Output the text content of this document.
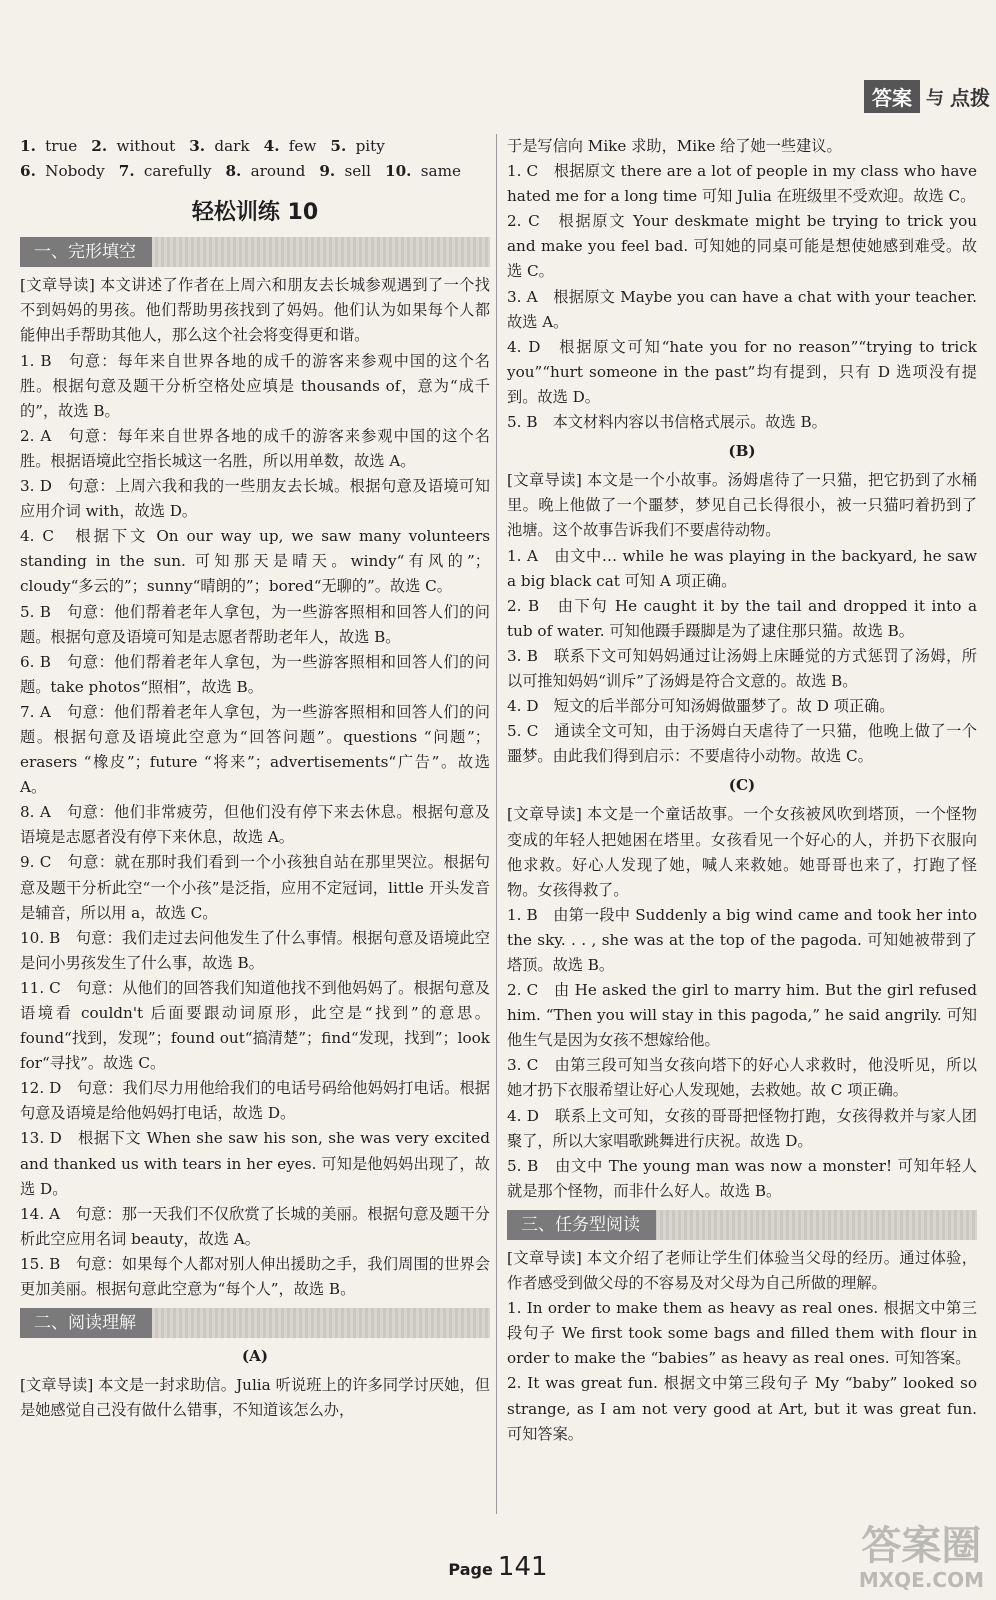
答案 与 点拨
1. true 2. without 3. dark 4. few 5. pity
6. Nobody 7. carefully 8. around 9. sell 10. same
轻松训练 10
一、完形填空

[文章导读] 本文讲述了作者在上周六和朋友去长城参观遇到了一个找不到妈妈的男孩。他们帮助男孩找到了妈妈。他们认为如果每个人都能伸出手帮助其他人，那么这个社会将变得更和谐。

1. B　句意：每年来自世界各地的成千的游客来参观中国的这个名胜。根据句意及题干分析空格处应填是 thousands of，意为“成千的”，故选 B。

2. A　句意：每年来自世界各地的成千的游客来参观中国的这个名胜。根据语境此空指长城这一名胜，所以用单数，故选 A。

3. D　句意：上周六我和我的一些朋友去长城。根据句意及语境可知应用介词 with，故选 D。

4. C　根据下文 On our way up, we saw many volunteers standing in the sun. 可知那天是晴天。windy“有风的”；cloudy“多云的”；sunny“晴朗的”；bored“无聊的”。故选 C。

5. B　句意：他们帮着老年人拿包，为一些游客照相和回答人们的问题。根据句意及语境可知是志愿者帮助老年人，故选 B。

6. B　句意：他们帮着老年人拿包，为一些游客照相和回答人们的问题。take photos“照相”，故选 B。

7. A　句意：他们帮着老年人拿包，为一些游客照相和回答人们的问题。根据句意及语境此空意为“回答问题”。questions “问题”；erasers “橡皮”；future “将来”；advertisements“广告”。故选 A。

8. A　句意：他们非常疲劳，但他们没有停下来去休息。根据句意及语境是志愿者没有停下来休息，故选 A。

9. C　句意：就在那时我们看到一个小孩独自站在那里哭泣。根据句意及题干分析此空“一个小孩”是泛指，应用不定冠词，little 开头发音是辅音，所以用 a，故选 C。

10. B　句意：我们走过去问他发生了什么事情。根据句意及语境此空是问小男孩发生了什么事，故选 B。

11. C　句意：从他们的回答我们知道他找不到他妈妈了。根据句意及语境看 couldn't 后面要跟动词原形，此空是“找到”的意思。found“找到，发现”；found out“搞清楚”；find“发现，找到”；look for“寻找”。故选 C。

12. D　句意：我们尽力用他给我们的电话号码给他妈妈打电话。根据句意及语境是给他妈妈打电话，故选 D。

13. D　根据下文 When she saw his son, she was very excited and thanked us with tears in her eyes. 可知是他妈妈出现了，故选 D。

14. A　句意：那一天我们不仅欣赏了长城的美丽。根据句意及题干分析此空应用名词 beauty，故选 A。

15. B　句意：如果每个人都对别人伸出援助之手，我们周围的世界会更加美丽。根据句意此空意为“每个人”，故选 B。

二、阅读理解
(A)

[文章导读] 本文是一封求助信。Julia 听说班上的许多同学讨厌她，但是她感觉自己没有做什么错事，不知道该怎么办，

于是写信向 Mike 求助，Mike 给了她一些建议。

1. C　根据原文 there are a lot of people in my class who have hated me for a long time 可知 Julia 在班级里不受欢迎。故选 C。

2. C　根据原文 Your deskmate might be trying to trick you and make you feel bad. 可知她的同桌可能是想使她感到难受。故选 C。

3. A　根据原文 Maybe you can have a chat with your teacher. 故选 A。

4. D　根据原文可知“hate you for no reason”“trying to trick you”“hurt someone in the past”均有提到，只有 D 选项没有提到。故选 D。

5. B　本文材料内容以书信格式展示。故选 B。

(B)

[文章导读] 本文是一个小故事。汤姆虐待了一只猫，把它扔到了水桶里。晚上他做了一个噩梦，梦见自己长得很小，被一只猫叼着扔到了池塘。这个故事告诉我们不要虐待动物。

1. A　由文中… while he was playing in the backyard, he saw a big black cat 可知 A 项正确。

2. B　由下句 He caught it by the tail and dropped it into a tub of water. 可知他蹑手蹑脚是为了逮住那只猫。故选 B。

3. B　联系下文可知妈妈通过让汤姆上床睡觉的方式惩罚了汤姆，所以可推知妈妈“训斥”了汤姆是符合文意的。故选 B。

4. D　短文的后半部分可知汤姆做噩梦了。故 D 项正确。

5. C　通读全文可知，由于汤姆白天虐待了一只猫，他晚上做了一个噩梦。由此我们得到启示：不要虐待小动物。故选 C。

(C)

[文章导读] 本文是一个童话故事。一个女孩被风吹到塔顶，一个怪物变成的年轻人把她困在塔里。女孩看见一个好心的人，并扔下衣服向他求救。好心人发现了她，喊人来救她。她哥哥也来了，打跑了怪物。女孩得救了。

1. B　由第一段中 Suddenly a big wind came and took her into the sky. . . , she was at the top of the pagoda. 可知她被带到了塔顶。故选 B。

2. C　由 He asked the girl to marry him. But the girl refused him. “Then you will stay in this pagoda,” he said angrily. 可知他生气是因为女孩不想嫁给他。

3. C　由第三段可知当女孩向塔下的好心人求救时，他没听见，所以她才扔下衣服希望让好心人发现她，去救她。故 C 项正确。

4. D　联系上文可知，女孩的哥哥把怪物打跑，女孩得救并与家人团聚了，所以大家唱歌跳舞进行庆祝。故选 D。

5. B　由文中 The young man was now a monster! 可知年轻人就是那个怪物，而非什么好人。故选 B。

三、任务型阅读

[文章导读] 本文介绍了老师让学生们体验当父母的经历。通过体验，作者感受到做父母的不容易及对父母为自己所做的理解。

1. In order to make them as heavy as real ones. 根据文中第三段句子 We first took some bags and filled them with flour in order to make the “babies” as heavy as real ones. 可知答案。

2. It was great fun. 根据文中第三段句子 My “baby” looked so strange, as I am not very good at Art, but it was great fun. 可知答案。

Page 141	答案圈
MXQE.COM
